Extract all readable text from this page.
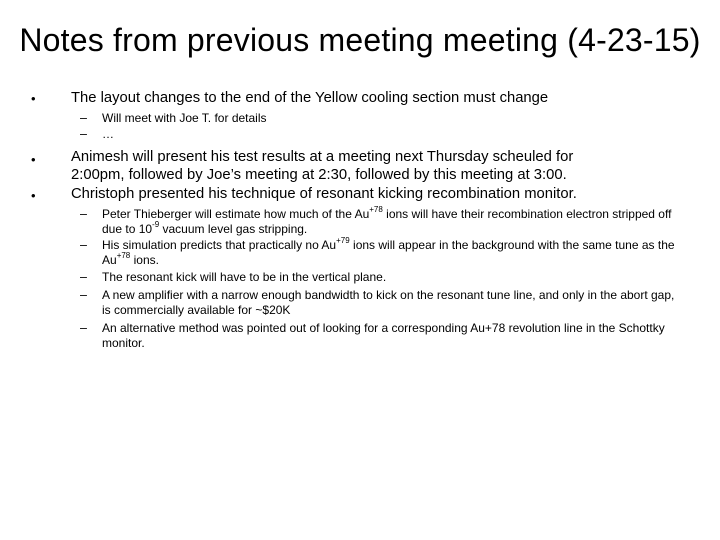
Notes from previous meeting meeting (4-23-15)
• The layout changes to the end of the Yellow cooling section must change
– Will meet with Joe T. for details
– …
• Animesh will present his test results at a meeting next Thursday scheuled for
2:00pm, followed by Joe’s meeting at 2:30, followed by this meeting at 3:00.
• Christoph presented his technique of resonant kicking recombination monitor.
– Peter Thieberger will estimate how much of the $Au^{+78}$ ions will have their recombination electron stripped off due to $10^{-9}$ vacuum level gas stripping.
– His simulation predicts that practically no $Au^{+79}$ ions will appear in the background with the same tune as the $Au^{+78}$ ions.
– The resonant kick will have to be in the vertical plane.
– A new amplifier with a narrow enough bandwidth to kick on the resonant tune line, and only in the abort gap, is commercially available for ~$20K
– An alternative method was pointed out of looking for a corresponding Au+78 revolution line in the Schottky monitor.
